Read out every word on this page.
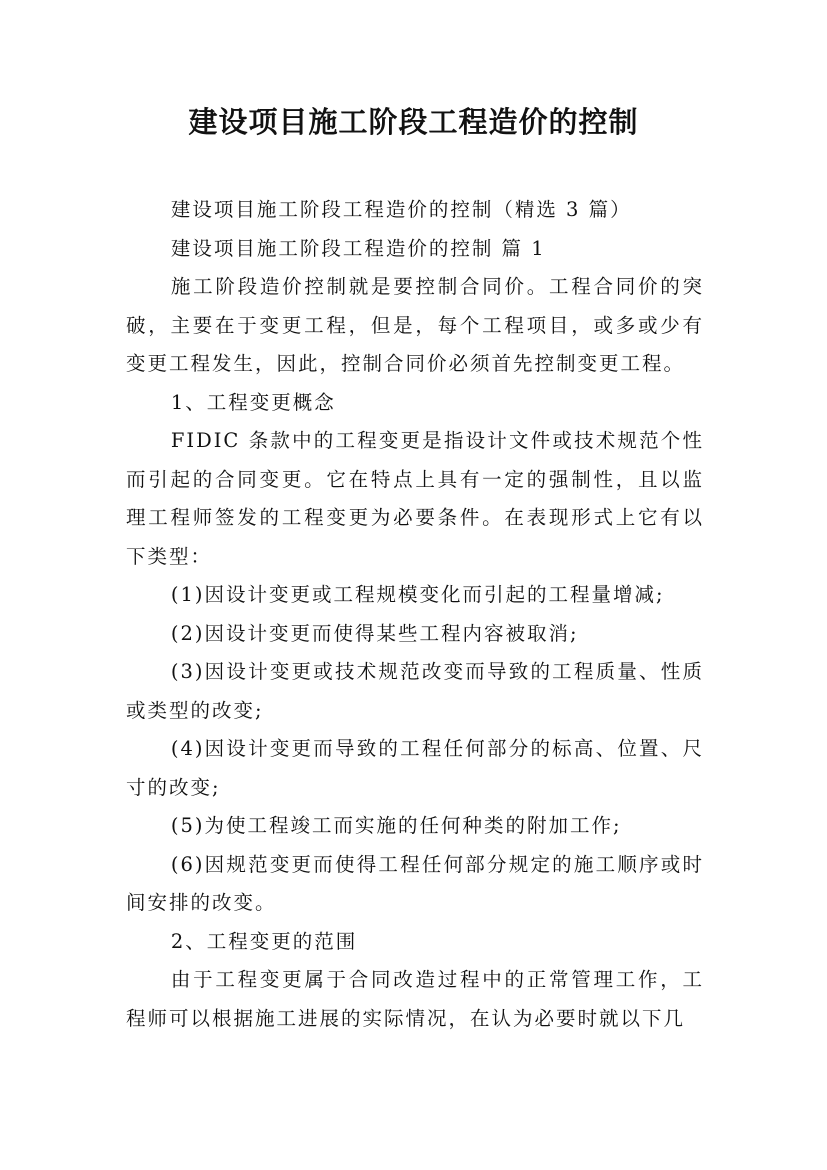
建设项目施工阶段工程造价的控制

建设项目施工阶段工程造价的控制（精选 3 篇）

建设项目施工阶段工程造价的控制 篇 1

施工阶段造价控制就是要控制合同价。工程合同价的突破，主要在于变更工程，但是，每个工程项目，或多或少有变更工程发生，因此，控制合同价必须首先控制变更工程。

1、工程变更概念

FIDIC 条款中的工程变更是指设计文件或技术规范个性而引起的合同变更。它在特点上具有一定的强制性，且以监理工程师签发的工程变更为必要条件。在表现形式上它有以下类型：

(1)因设计变更或工程规模变化而引起的工程量增减;

(2)因设计变更而使得某些工程内容被取消;

(3)因设计变更或技术规范改变而导致的工程质量、性质或类型的改变;

(4)因设计变更而导致的工程任何部分的标高、位置、尺寸的改变;

(5)为使工程竣工而实施的任何种类的附加工作;

(6)因规范变更而使得工程任何部分规定的施工顺序或时间安排的改变。

2、工程变更的范围

由于工程变更属于合同改造过程中的正常管理工作，工程师可以根据施工进展的实际情况，在认为必要时就以下几
